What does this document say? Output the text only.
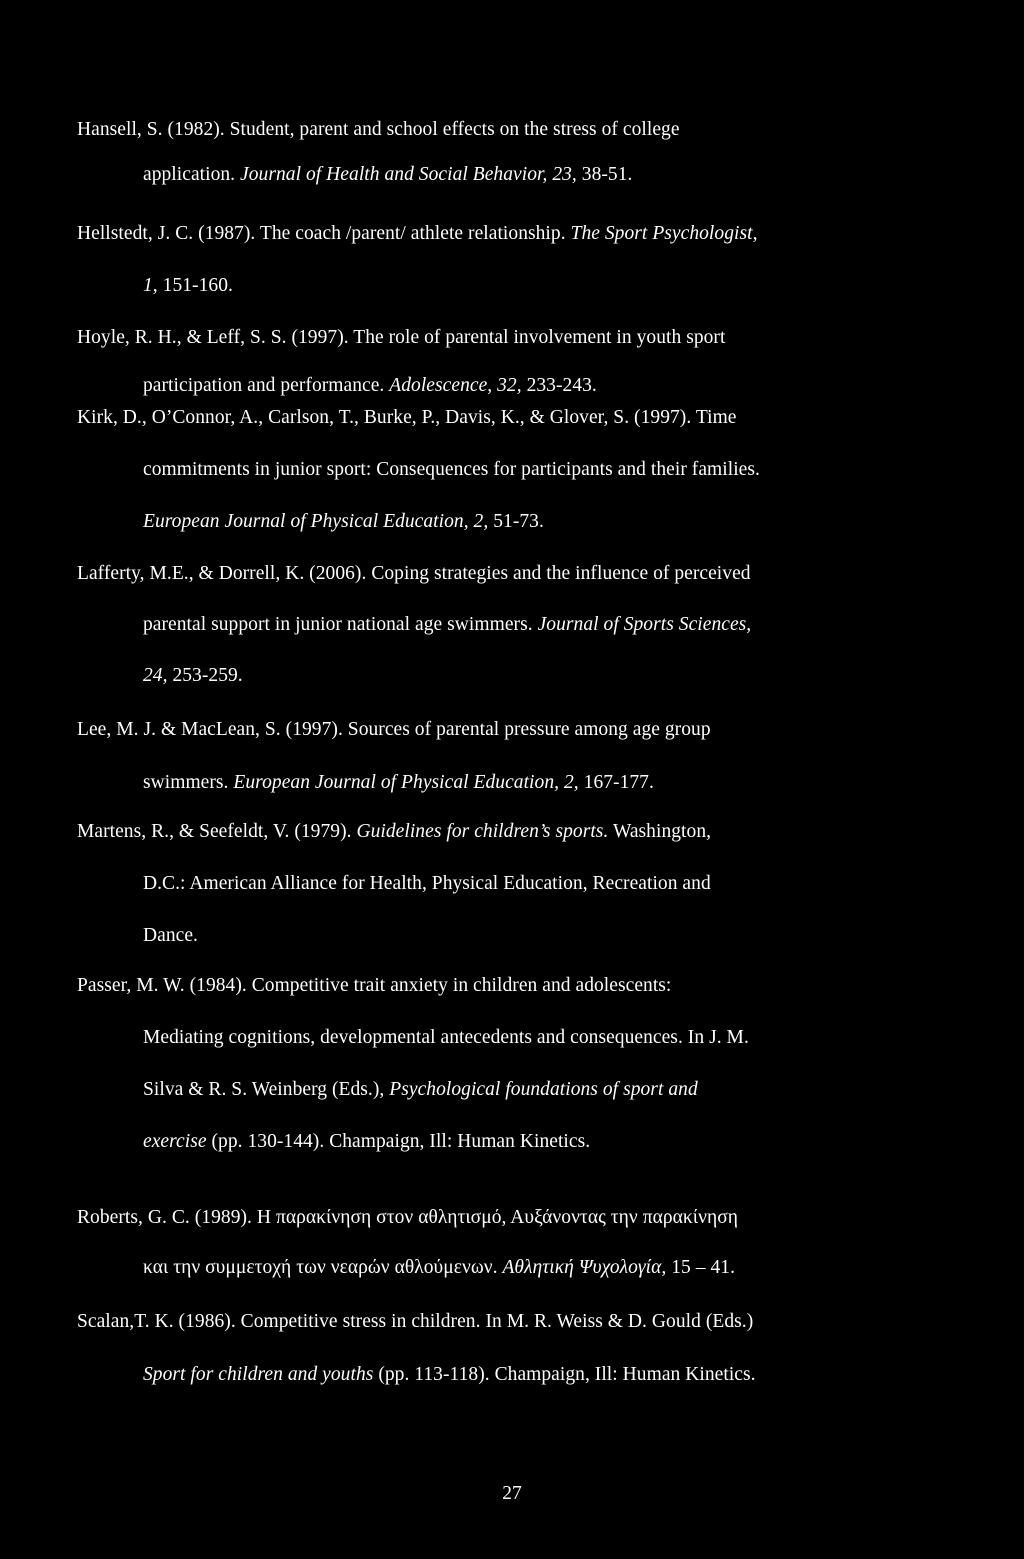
Hansell, S. (1982). Student, parent and school effects on the stress of college
application. Journal of Health and Social Behavior, 23, 38-51.
Hellstedt, J. C. (1987). The coach /parent/ athlete relationship. The Sport Psychologist,
1, 151-160.
Hoyle, R. H., & Leff, S. S. (1997). The role of parental involvement in youth sport
participation and performance. Adolescence, 32, 233-243.
Kirk, D., O’Connor, A., Carlson, T., Burke, P., Davis, K., & Glover, S. (1997). Time
commitments in junior sport: Consequences for participants and their families.
European Journal of Physical Education, 2, 51-73.
Lafferty, M.E., & Dorrell, K. (2006). Coping strategies and the influence of perceived
parental support in junior national age swimmers. Journal of Sports Sciences,
24, 253-259.
Lee, M. J. & MacLean, S. (1997). Sources of parental pressure among age group
swimmers. European Journal of Physical Education, 2, 167-177.
Martens, R., & Seefeldt, V. (1979). Guidelines for children’s sports. Washington,
D.C.: American Alliance for Health, Physical Education, Recreation and
Dance.
Passer, M. W. (1984). Competitive trait anxiety in children and adolescents:
Mediating cognitions, developmental antecedents and consequences. In J. M.
Silva & R. S. Weinberg (Eds.), Psychological foundations of sport and
exercise (pp. 130-144). Champaign, Ill: Human Kinetics.
Roberts, G. C. (1989). Η παρακίνηση στον αθλητισμό, Αυξάνοντας την παρακίνηση
και την συμμετοχή των νεαρών αθλούμενων. Αθλητική Ψυχολογία, 15 – 41.
Scalan,T. K. (1986). Competitive stress in children. In M. R. Weiss & D. Gould (Eds.)
Sport for children and youths (pp. 113-118). Champaign, Ill: Human Kinetics.
27
